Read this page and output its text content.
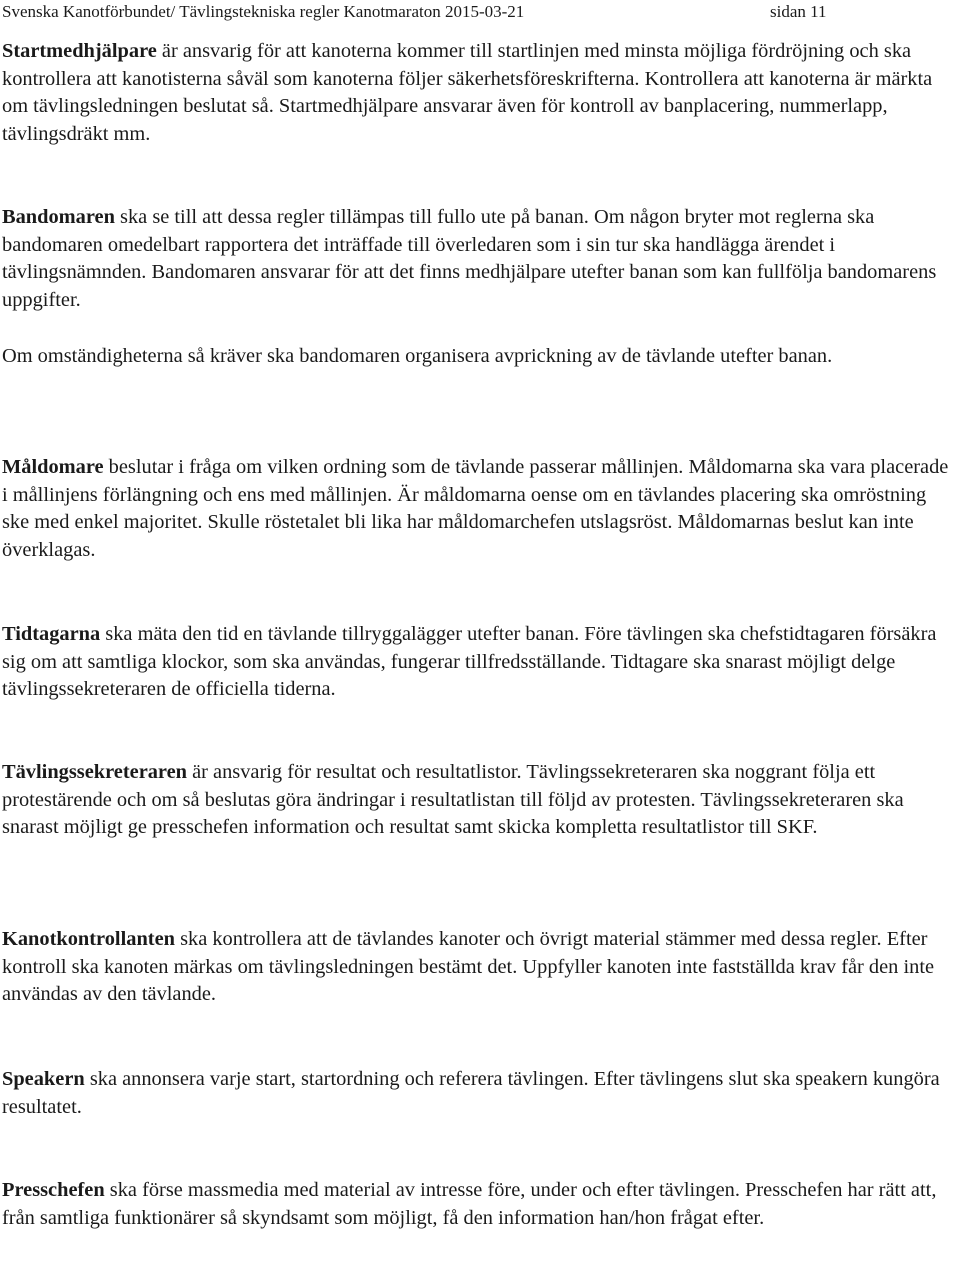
Svenska Kanotförbundet/ Tävlingstekniska regler Kanotmaraton 2015-03-21	sidan 11

Startmedhjälpare är ansvarig för att kanoterna kommer till startlinjen med minsta möjliga fördröjning och ska kontrollera att kanotisterna såväl som kanoterna följer säkerhetsföreskrifterna. Kontrollera att kanoterna är märkta om tävlingsledningen beslutat så. Startmedhjälpare ansvarar även för kontroll av banplacering, nummerlapp, tävlingsdräkt mm.

Bandomaren ska se till att dessa regler tillämpas till fullo ute på banan. Om någon bryter mot reglerna ska bandomaren omedelbart rapportera det inträffade till överledaren som i sin tur ska handlägga ärendet i tävlingsnämnden. Bandomaren ansvarar för att det finns medhjälpare utefter banan som kan fullfölja bandomarens uppgifter.

Om omständigheterna så kräver ska bandomaren organisera avprickning av de tävlande utefter banan.

Måldomare beslutar i fråga om vilken ordning som de tävlande passerar mållinjen. Måldomarna ska vara placerade i mållinjens förlängning och ens med mållinjen. Är måldomarna oense om en tävlandes placering ska omröstning ske med enkel majoritet. Skulle röstetalet bli lika har måldomarchefen utslagsröst. Måldomarnas beslut kan inte överklagas.

Tidtagarna ska mäta den tid en tävlande tillryggalägger utefter banan. Före tävlingen ska chefstidtagaren försäkra sig om att samtliga klockor, som ska användas, fungerar tillfredsställande. Tidtagare ska snarast möjligt delge tävlingssekreteraren de officiella tiderna.

Tävlingssekreteraren är ansvarig för resultat och resultatlistor. Tävlingssekreteraren ska noggrant följa ett protestärende och om så beslutas göra ändringar i resultatlistan till följd av protesten. Tävlingssekreteraren ska snarast möjligt ge presschefen information och resultat samt skicka kompletta resultatlistor till SKF.

Kanotkontrollanten ska kontrollera att de tävlandes kanoter och övrigt material stämmer med dessa regler. Efter kontroll ska kanoten märkas om tävlingsledningen bestämt det. Uppfyller kanoten inte fastställda krav får den inte användas av den tävlande.

Speakern ska annonsera varje start, startordning och referera tävlingen. Efter tävlingens slut ska speakern kungöra resultatet.

Presschefen ska förse massmedia med material av intresse före, under och efter tävlingen. Presschefen har rätt att, från samtliga funktionärer så skyndsamt som möjligt, få den information han/hon frågat efter.
